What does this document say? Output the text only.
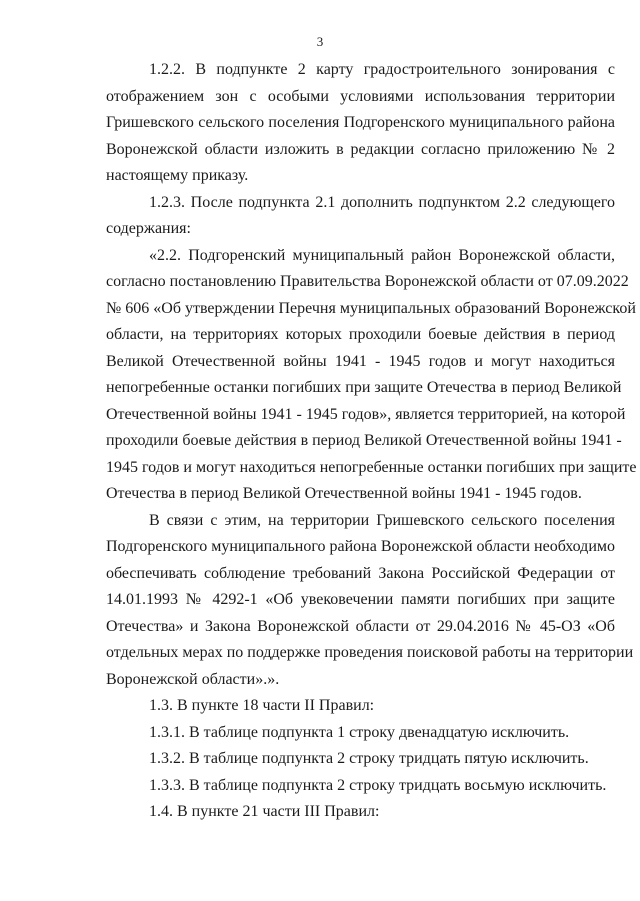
3
1.2.2. В подпункте 2 карту градостроительного зонирования с
отображением зон с особыми условиями использования территории
Гришевского сельского поселения Подгоренского муниципального района
Воронежской области изложить в редакции согласно приложению № 2
настоящему приказу.
1.2.3. После подпункта 2.1 дополнить подпунктом 2.2 следующего
содержания:
«2.2. Подгоренский муниципальный район Воронежской области,
согласно постановлению Правительства Воронежской области от 07.09.2022
№ 606 «Об утверждении Перечня муниципальных образований Воронежской
области, на территориях которых проходили боевые действия в период
Великой Отечественной войны 1941 - 1945 годов и могут находиться
непогребенные останки погибших при защите Отечества в период Великой
Отечественной войны 1941 - 1945 годов», является территорией, на которой
проходили боевые действия в период Великой Отечественной войны 1941 -
1945 годов и могут находиться непогребенные останки погибших при защите
Отечества в период Великой Отечественной войны 1941 - 1945 годов.
В связи с этим, на территории Гришевского сельского поселения
Подгоренского муниципального района Воронежской области необходимо
обеспечивать соблюдение требований Закона Российской Федерации от
14.01.1993 № 4292-1 «Об увековечении памяти погибших при защите
Отечества» и Закона Воронежской области от 29.04.2016 № 45-ОЗ «Об
отдельных мерах по поддержке проведения поисковой работы на территории
Воронежской области».».
1.3. В пункте 18 части II Правил:
1.3.1. В таблице подпункта 1 строку двенадцатую исключить.
1.3.2. В таблице подпункта 2 строку тридцать пятую исключить.
1.3.3. В таблице подпункта 2 строку тридцать восьмую исключить.
1.4. В пункте 21 части III Правил:
